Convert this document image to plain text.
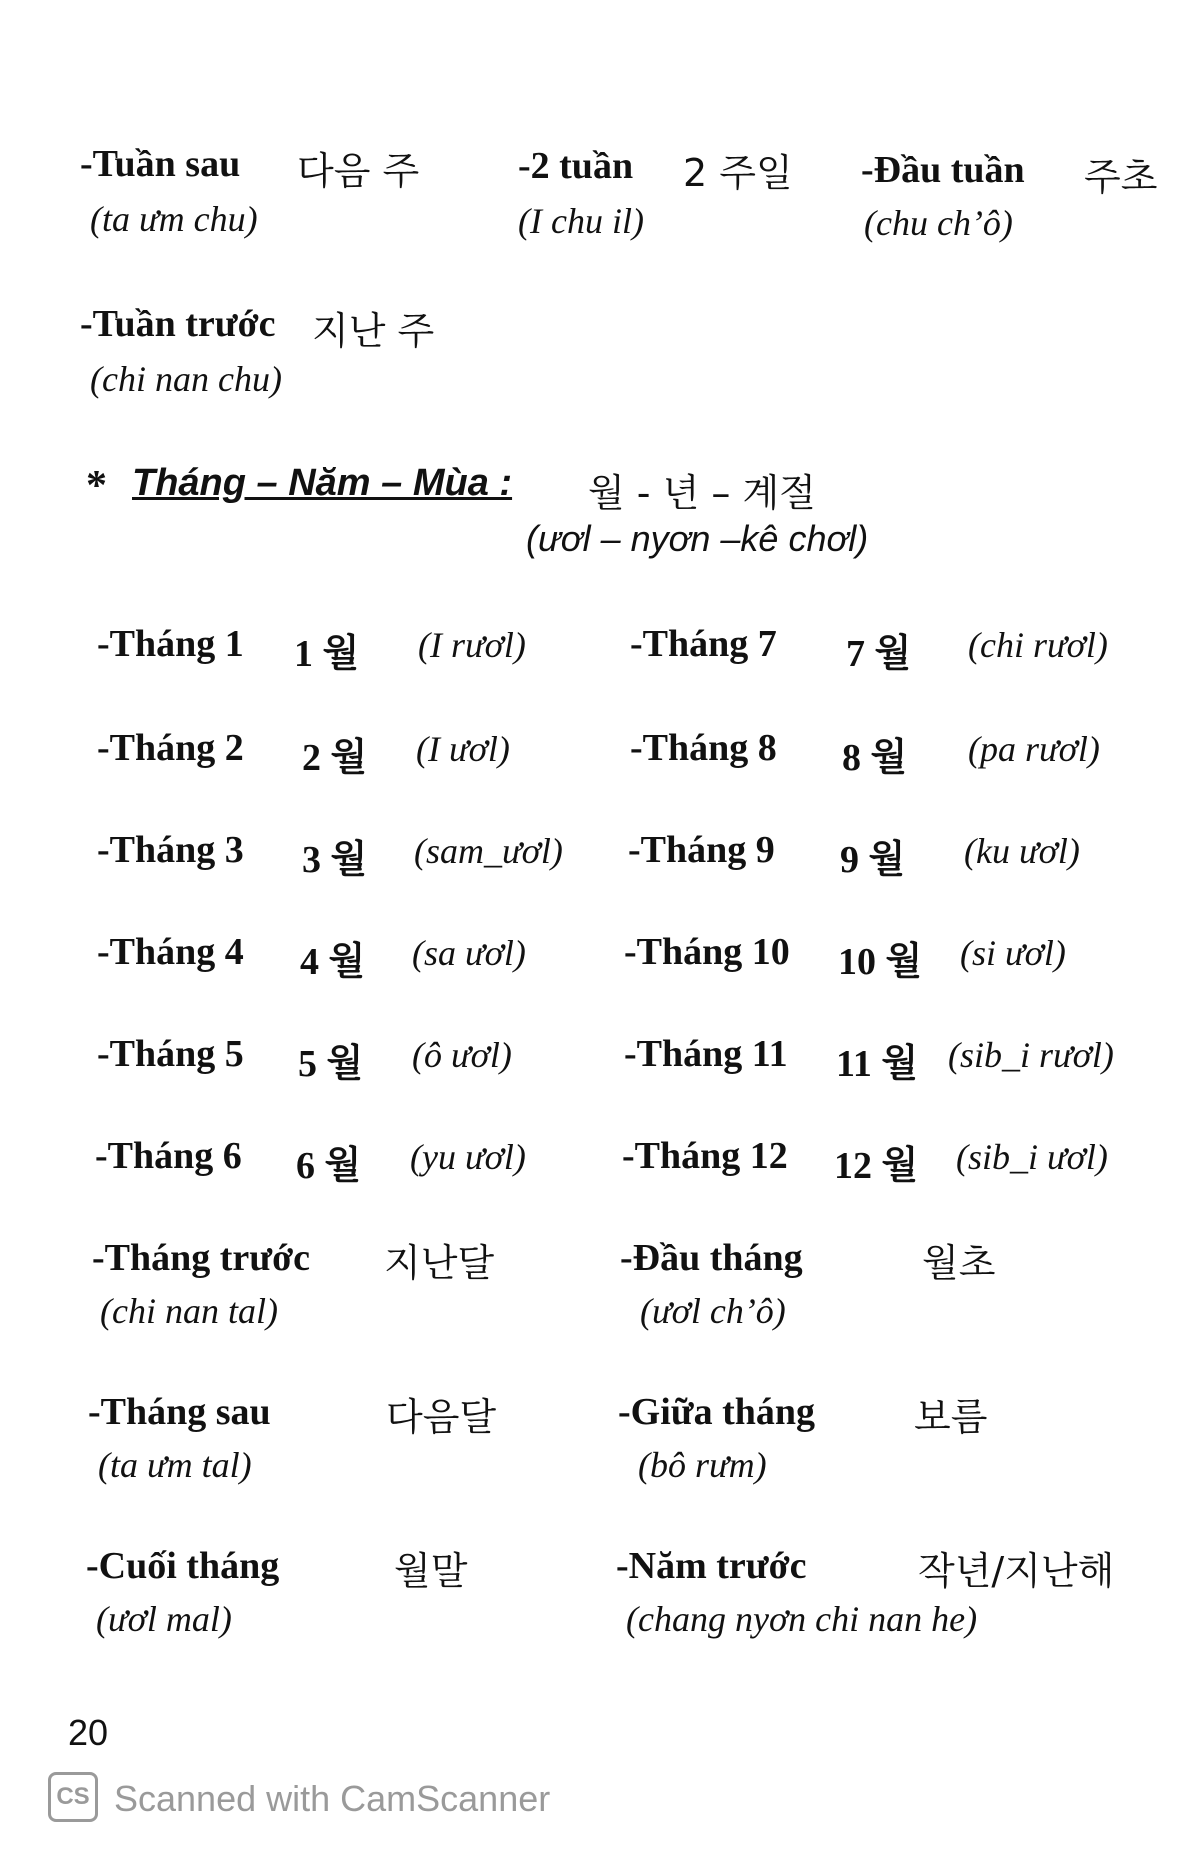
-Tuần sau 다음 주
(ta ưm chu)
-2 tuần 2 주일
(I chu il)
-Đầu tuần 주초
(chu ch’ô)
-Tuần trước 지난 주
(chi nan chu)
* Tháng – Năm – Mùa : 월 - 년 – 계절
(ươl – nyơn –kê chơl)
-Tháng 1 1 월 (I rươl)
-Tháng 2 2 월 (I ươl)
-Tháng 3 3 월 (sam_ươl)
-Tháng 4 4 월 (sa ươl)
-Tháng 5 5 월 (ô ươl)
-Tháng 6 6 월 (yu ươl)
-Tháng 7 7 월 (chi rươl)
-Tháng 8 8 월 (pa rươl)
-Tháng 9 9 월 (ku ươl)
-Tháng 10 10 월 (si ươl)
-Tháng 11 11 월 (sib_i rươl)
-Tháng 12 12 월 (sib_i ươl)
-Tháng trước 지난달
(chi nan tal)
-Đầu tháng	월초
(ươl ch’ô)
-Tháng sau	다음달
(ta ưm tal)
-Giữa tháng	보름
(bô rưm)
-Cuối tháng	월말
(ươl mal)
-Năm trước	작년/지난해
(chang nyơn chi nan he)
20
CS Scanned with CamScanner
